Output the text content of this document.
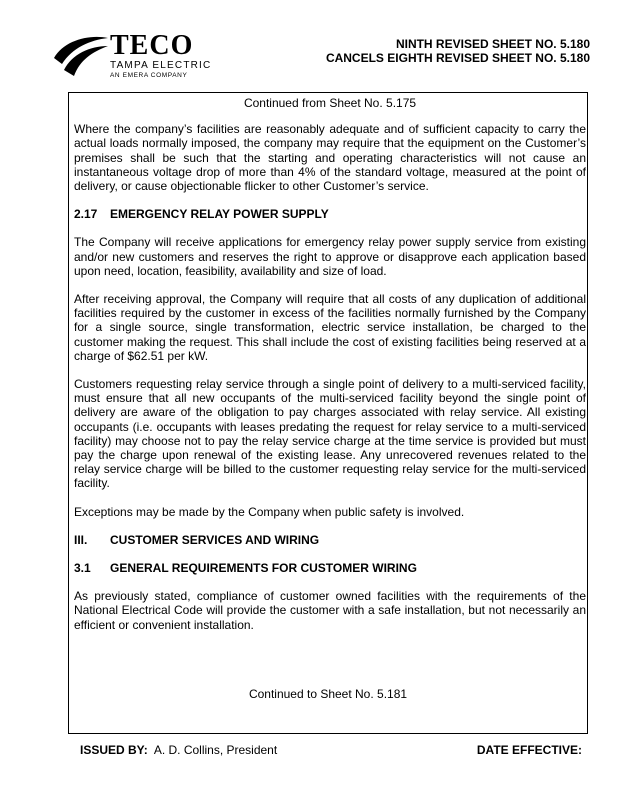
TECO
TAMPA ELECTRIC
AN EMERA COMPANY
NINTH REVISED SHEET NO. 5.180
CANCELS EIGHTH REVISED SHEET NO. 5.180

Continued from Sheet No. 5.175

Where the company’s facilities are reasonably adequate and of sufficient capacity to carry the actual loads normally imposed, the company may require that the equipment on the Customer’s premises shall be such that the starting and operating characteristics will not cause an instantaneous voltage drop of more than 4% of the standard voltage, measured at the point of delivery, or cause objectionable flicker to other Customer’s service.

2.17 EMERGENCY RELAY POWER SUPPLY

The Company will receive applications for emergency relay power supply service from existing and/or new customers and reserves the right to approve or disapprove each application based upon need, location, feasibility, availability and size of load.

After receiving approval, the Company will require that all costs of any duplication of additional facilities required by the customer in excess of the facilities normally furnished by the Company for a single source, single transformation, electric service installation, be charged to the customer making the request. This shall include the cost of existing facilities being reserved at a charge of $62.51 per kW.

Customers requesting relay service through a single point of delivery to a multi-serviced facility, must ensure that all new occupants of the multi-serviced facility beyond the single point of delivery are aware of the obligation to pay charges associated with relay service. All existing occupants (i.e. occupants with leases predating the request for relay service to a multi-serviced facility) may choose not to pay the relay service charge at the time service is provided but must pay the charge upon renewal of the existing lease. Any unrecovered revenues related to the relay service charge will be billed to the customer requesting relay service for the multi-serviced facility.

Exceptions may be made by the Company when public safety is involved.

III. CUSTOMER SERVICES AND WIRING
3.1 GENERAL REQUIREMENTS FOR CUSTOMER WIRING

As previously stated, compliance of customer owned facilities with the requirements of the National Electrical Code will provide the customer with a safe installation, but not necessarily an efficient or convenient installation.

Continued to Sheet No. 5.181
ISSUED BY: A. D. Collins, President	DATE EFFECTIVE:
